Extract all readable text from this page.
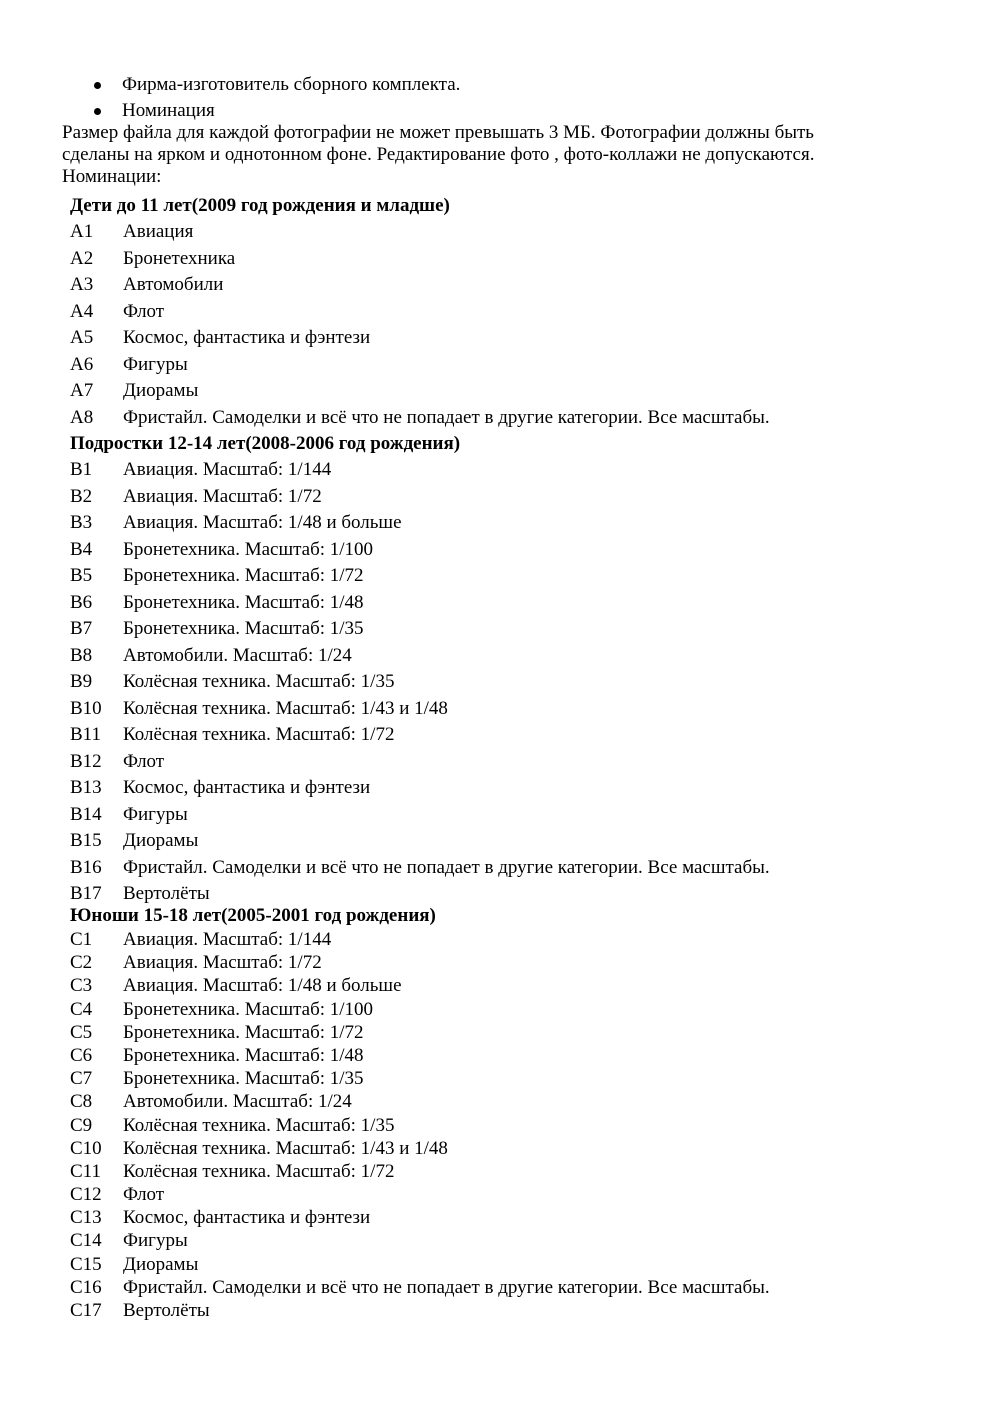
Фирма-изготовитель сборного комплекта.
Номинация

Размер файла для каждой фотографии не может превышать 3 МБ. Фотографии должны быть

сделаны на ярком и однотонном фоне. Редактирование фото , фото-коллажи не допускаются.

Номинации:

Дети до 11 лет(2009 год рождения и младше)
A1	Авиация
A2	Бронетехника
A3	Автомобили
A4	Флот
A5	Космос, фантастика и фэнтези
A6	Фигуры
A7	Диорамы
A8	Фристайл. Самоделки и всё что не попадает в другие категории. Все масштабы.
Подростки 12-14 лет(2008-2006 год рождения)
B1	Авиация. Масштаб: 1/144
B2	Авиация. Масштаб: 1/72
B3	Авиация. Масштаб: 1/48 и больше
B4	Бронетехника. Масштаб: 1/100
B5	Бронетехника. Масштаб: 1/72
B6	Бронетехника. Масштаб: 1/48
B7	Бронетехника. Масштаб: 1/35
B8	Автомобили. Масштаб: 1/24
B9	Колёсная техника. Масштаб: 1/35
B10	Колёсная техника. Масштаб: 1/43 и 1/48
B11	Колёсная техника. Масштаб: 1/72
B12	Флот
B13	Космос, фантастика и фэнтези
B14	Фигуры
B15	Диорамы
B16	Фристайл. Самоделки и всё что не попадает в другие категории. Все масштабы.
B17	Вертолёты
Юноши 15-18 лет(2005-2001 год рождения)
C1	Авиация. Масштаб: 1/144
C2	Авиация. Масштаб: 1/72
C3	Авиация. Масштаб: 1/48 и больше
C4	Бронетехника. Масштаб: 1/100
C5	Бронетехника. Масштаб: 1/72
C6	Бронетехника. Масштаб: 1/48
C7	Бронетехника. Масштаб: 1/35
C8	Автомобили. Масштаб: 1/24
C9	Колёсная техника. Масштаб: 1/35
C10	Колёсная техника. Масштаб: 1/43 и 1/48
C11	Колёсная техника. Масштаб: 1/72
C12	Флот
C13	Космос, фантастика и фэнтези
C14	Фигуры
C15	Диорамы
C16	Фристайл. Самоделки и всё что не попадает в другие категории. Все масштабы.
C17	Вертолёты
